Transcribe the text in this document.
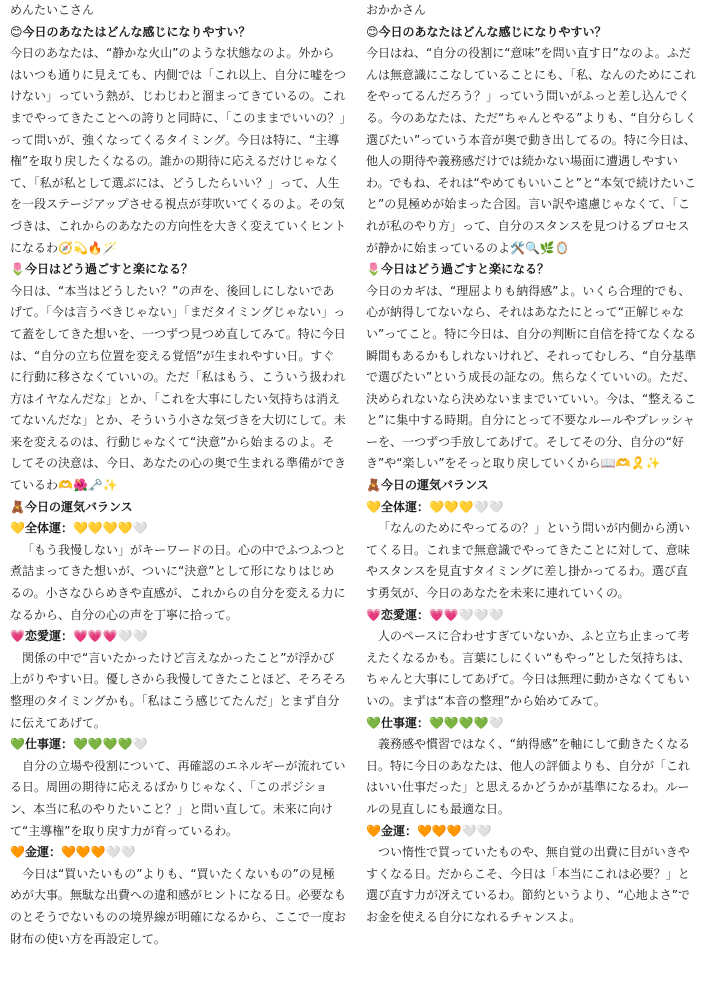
めんたいこさん

😊今日のあなたはどんな感じになりやすい？

今日のあなたは、“静かな火山”のような状態なのよ。外からはいつも通りに見えても、内側では「これ以上、自分に嘘をつけない」っていう熱が、じわじわと溜まってきているの。これまでやってきたことへの誇りと同時に、「このままでいいの？」って問いが、強くなってくるタイミング。今日は特に、“主導権”を取り戻したくなるの。誰かの期待に応えるだけじゃなくて、「私が私として選ぶには、どうしたらいい？」って、人生を一段ステージアップさせる視点が芽吹いてくるのよ。その気づきは、これからのあなたの方向性を大きく変えていくヒントになるわ🧭💫🔥🪄

🌷今日はどう過ごすと楽になる？

今日は、“本当はどうしたい？”の声を、後回しにしないであげて。「今は言うべきじゃない」「まだタイミングじゃない」って蓋をしてきた想いを、一つずつ見つめ直してみて。特に今日は、“自分の立ち位置を変える覚悟”が生まれやすい日。すぐに行動に移さなくていいの。ただ「私はもう、こういう扱われ方はイヤなんだな」とか、「これを大事にしたい気持ちは消えてないんだな」とか、そういう小さな気づきを大切にして。未来を変えるのは、行動じゃなくて“決意”から始まるのよ。そしてその決意は、今日、あなたの心の奥で生まれる準備ができているわ🫶🌺🗝️✨

🧸今日の運気バランス

💛全体運：💛💛💛💛🤍

「もう我慢しない」がキーワードの日。心の中でふつふつと煮詰まってきた想いが、ついに“決意”として形になりはじめるの。小さなひらめきや直感が、これからの自分を変える力になるから、自分の心の声を丁寧に拾って。

💗恋愛運：💗💗💗🤍🤍

関係の中で“言いたかったけど言えなかったこと”が浮かび上がりやすい日。優しさから我慢してきたことほど、そろそろ整理のタイミングかも。「私はこう感じてたんだ」とまず自分に伝えてあげて。

💚仕事運：💚💚💚💚🤍

自分の立場や役割について、再確認のエネルギーが流れている日。周囲の期待に応えるばかりじゃなく、「このポジション、本当に私のやりたいこと？」と問い直して。未来に向けて“主導権”を取り戻す力が育っているわ。

🧡金運：🧡🧡🧡🤍🤍

今日は“買いたいもの”よりも、“買いたくないもの”の見極めが大事。無駄な出費への違和感がヒントになる日。必要なものとそうでないものの境界線が明確になるから、ここで一度お財布の使い方を再設定して。

おかかさん

😊今日のあなたはどんな感じになりやすい？

今日はね、“自分の役割に“意味”を問い直す日”なのよ。ふだんは無意識にこなしていることにも、「私、なんのためにこれをやってるんだろう？」っていう問いがふっと差し込んでくる。今のあなたは、ただ“ちゃんとやる”よりも、“自分らしく選びたい”っていう本音が奥で動き出してるの。特に今日は、他人の期待や義務感だけでは続かない場面に遭遇しやすいわ。でもね、それは“やめてもいいこと”と“本気で続けたいこと”の見極めが始まった合図。言い訳や遠慮じゃなくて、「これが私のやり方」って、自分のスタンスを見つけるプロセスが静かに始まっているのよ🛠️🔍🌿🪞

🌷今日はどう過ごすと楽になる？

今日のカギは、“理屈よりも納得感”よ。いくら合理的でも、心が納得してないなら、それはあなたにとって“正解じゃない”ってこと。特に今日は、自分の判断に自信を持てなくなる瞬間もあるかもしれないけれど、それってむしろ、“自分基準で選びたい”という成長の証なの。焦らなくていいの。ただ、決められないなら決めないままでいていい。今は、“整えること”に集中する時期。自分にとって不要なルールやプレッシャーを、一つずつ手放してあげて。そしてその分、自分の“好き”や“楽しい”をそっと取り戻していくから📖🫶🎗️✨

🧸今日の運気バランス

💛全体運：💛💛💛🤍🤍

「なんのためにやってるの？」という問いが内側から湧いてくる日。これまで無意識でやってきたことに対して、意味やスタンスを見直すタイミングに差し掛かってるわ。選び直す勇気が、今日のあなたを未来に連れていくの。

💗恋愛運：💗💗🤍🤍🤍

人のペースに合わせすぎていないか、ふと立ち止まって考えたくなるかも。言葉にしにくい“もやっ”とした気持ちは、ちゃんと大事にしてあげて。今日は無理に動かさなくてもいいの。まずは“本音の整理”から始めてみて。

💚仕事運：💚💚💚💚🤍

義務感や慣習ではなく、“納得感”を軸にして動きたくなる日。特に今日のあなたは、他人の評価よりも、自分が「これはいい仕事だった」と思えるかどうかが基準になるわ。ルールの見直しにも最適な日。

🧡金運：🧡🧡🧡🤍🤍

つい惰性で買っていたものや、無自覚の出費に目がいきやすくなる日。だからこそ、今日は「本当にこれは必要？」と選び直す力が冴えているわ。節約というより、“心地よさ”でお金を使える自分になれるチャンスよ。
